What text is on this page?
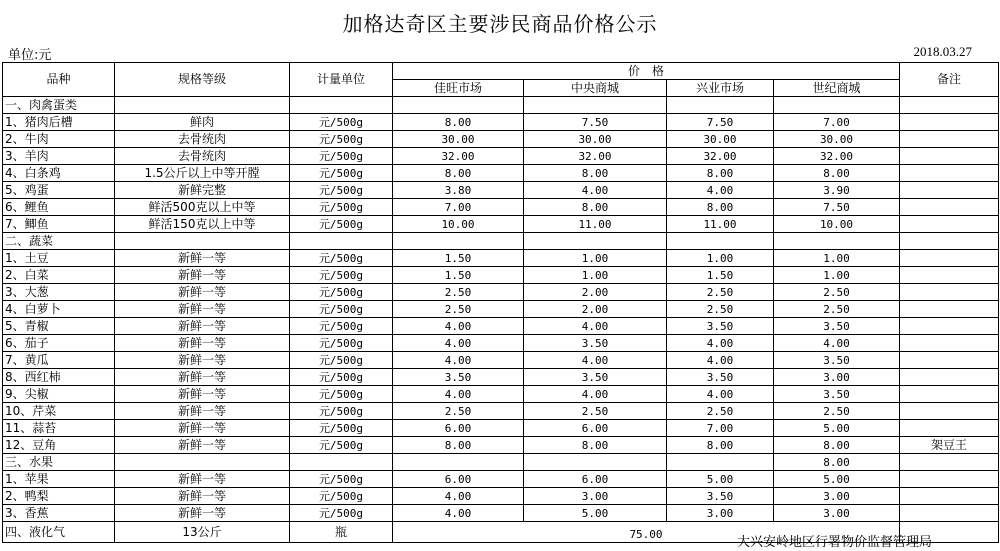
加格达奇区主要涉民商品价格公示
单位:元	2018.03.27
品种	规格等级	计量单位	价　格				备注
			佳旺市场	中央商城	兴业市场	世纪商城	
一、肉禽蛋类							
1、猪肉后槽	鲜肉	元/500g	8.00	7.50	7.50	7.00	
2、牛肉	去骨统肉	元/500g	30.00	30.00	30.00	30.00	
3、羊肉	去骨统肉	元/500g	32.00	32.00	32.00	32.00	
4、白条鸡	1.5公斤以上中等开膛	元/500g	8.00	8.00	8.00	8.00	
5、鸡蛋	新鲜完整	元/500g	3.80	4.00	4.00	3.90	
6、鲤鱼	鲜活500克以上中等	元/500g	7.00	8.00	8.00	7.50	
7、鲫鱼	鲜活150克以上中等	元/500g	10.00	11.00	11.00	10.00	
二、蔬菜							
1、土豆	新鲜一等	元/500g	1.50	1.00	1.00	1.00	
2、白菜	新鲜一等	元/500g	1.50	1.00	1.50	1.00	
3、大葱	新鲜一等	元/500g	2.50	2.00	2.50	2.50	
4、白萝卜	新鲜一等	元/500g	2.50	2.00	2.50	2.50	
5、青椒	新鲜一等	元/500g	4.00	4.00	3.50	3.50	
6、茄子	新鲜一等	元/500g	4.00	3.50	4.00	4.00	
7、黄瓜	新鲜一等	元/500g	4.00	4.00	4.00	3.50	
8、西红柿	新鲜一等	元/500g	3.50	3.50	3.50	3.00	
9、尖椒	新鲜一等	元/500g	4.00	4.00	4.00	3.50	
10、芹菜	新鲜一等	元/500g	2.50	2.50	2.50	2.50	
11、蒜苔	新鲜一等	元/500g	6.00	6.00	7.00	5.00	
12、豆角	新鲜一等	元/500g	8.00	8.00	8.00	8.00	架豆王
三、水果						8.00	
1、苹果	新鲜一等	元/500g	6.00	6.00	5.00	5.00	
2、鸭梨	新鲜一等	元/500g	4.00	3.00	3.50	3.00	
3、香蕉	新鲜一等	元/500g	4.00	5.00	3.00	3.00	
四、液化气	13公斤	瓶	75.00				
大兴安岭地区行署物价监督管理局
